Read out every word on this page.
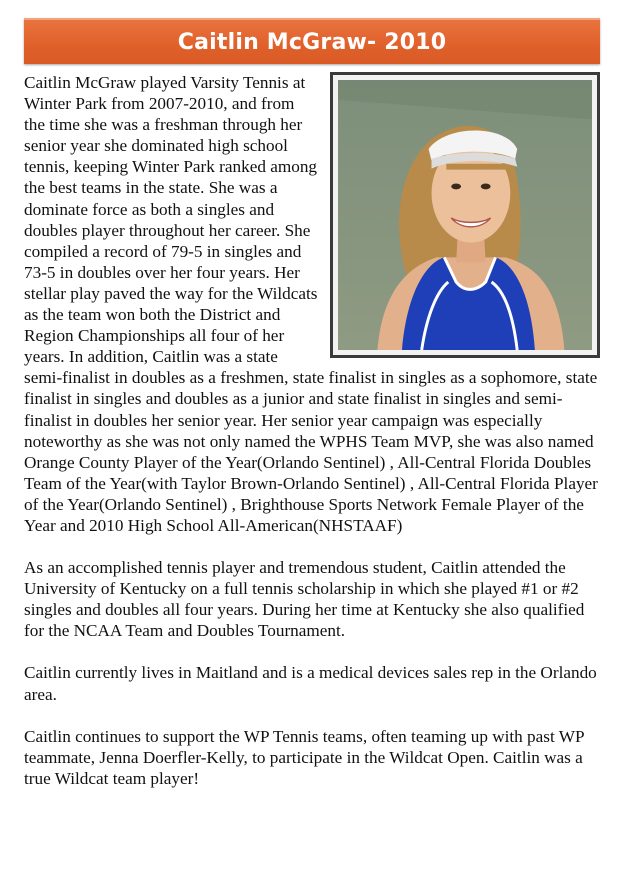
Caitlin McGraw- 2010

Caitlin McGraw played Varsity Tennis at Winter Park from 2007-2010, and from the time she was a freshman through her senior year she dominated high school tennis, keeping Winter Park ranked among the best teams in the state. She was a dominate force as both a singles and doubles player throughout her career. She compiled a record of 79-5 in singles and 73-5 in doubles over her four years. Her stellar play paved the way for the Wildcats as the team won both the District and Region Championships all four of her years. In addition, Caitlin was a state semi-finalist in doubles as a freshmen, state finalist in singles as a sophomore, state finalist in singles and doubles as a junior and state finalist in singles and semi-finalist in doubles her senior year. Her senior year campaign was especially noteworthy as she was not only named the WPHS Team MVP, she was also named Orange County Player of the Year(Orlando Sentinel) , All-Central Florida Doubles Team of the Year(with Taylor Brown-Orlando Sentinel) , All-Central Florida Player of the Year(Orlando Sentinel) , Brighthouse Sports Network Female Player of the Year and 2010 High School All-American(NHSTAAF)

As an accomplished tennis player and tremendous student, Caitlin attended the University of Kentucky on a full tennis scholarship in which she played #1 or #2 singles and doubles all four years. During her time at Kentucky she also qualified for the NCAA Team and Doubles Tournament.

Caitlin currently lives in Maitland and is a medical devices sales rep in the Orlando area.

Caitlin continues to support the WP Tennis teams, often teaming up with past WP teammate, Jenna Doerfler-Kelly, to participate in the Wildcat Open. Caitlin was a true Wildcat team player!
